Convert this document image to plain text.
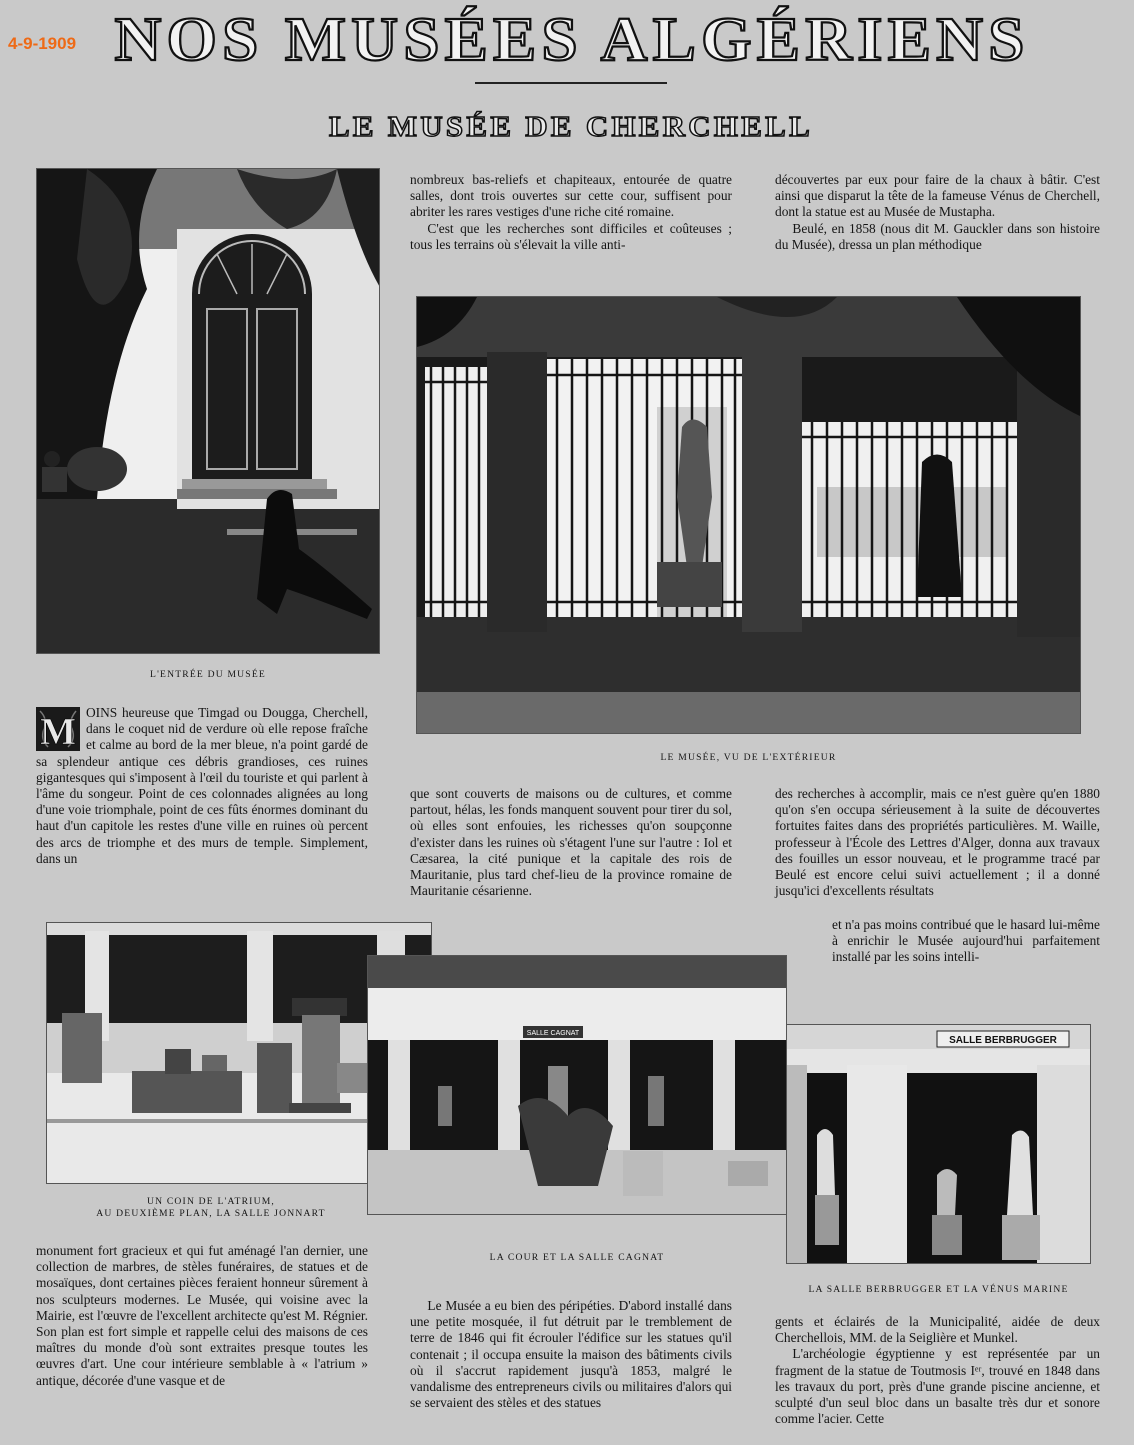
4-9-1909 NOS MUSÉES ALGÉRIENS
LE MUSÉE DE CHERCHELL
L'ENTRÉE DU MUSÉE

nombreux bas-reliefs et chapiteaux, entourée de quatre salles, dont trois ouvertes sur cette cour, suffisent pour abriter les rares vestiges d'une riche cité romaine.

C'est que les recherches sont difficiles et coûteuses ; tous les terrains où s'élevait la ville anti-

découvertes par eux pour faire de la chaux à bâtir. C'est ainsi que disparut la tête de la fameuse Vénus de Cherchell, dont la statue est au Musée de Mustapha.

Beulé, en 1858 (nous dit M. Gauckler dans son histoire du Musée), dressa un plan méthodique

LE MUSÉE, VU DE L'EXTÉRIEUR
M OINS heureuse que Timgad ou Dougga, Cherchell, dans le coquet nid de verdure où elle repose fraîche et calme au bord de la mer bleue, n'a point gardé de sa splendeur antique ces débris grandioses, ces ruines gigantesques qui s'imposent à l'œil du touriste et qui parlent à l'âme du songeur. Point de ces colonnades alignées au long d'une voie triomphale, point de ces fûts énormes dominant du haut d'un capitole les restes d'une ville en ruines où percent des arcs de triomphe et des murs de temple. Simplement, dans un

que sont couverts de maisons ou de cultures, et comme partout, hélas, les fonds manquent souvent pour tirer du sol, où elles sont enfouies, les richesses qu'on soupçonne d'exister dans les ruines où s'étagent l'une sur l'autre : Iol et Cæsarea, la cité punique et la capitale des rois de Mauritanie, plus tard chef-lieu de la province romaine de Mauritanie césarienne.

des recherches à accomplir, mais ce n'est guère qu'en 1880 qu'on s'en occupa sérieusement à la suite de découvertes fortuites faites dans des propriétés particulières. M. Waille, professeur à l'École des Lettres d'Alger, donna aux travaux des fouilles un essor nouveau, et le programme tracé par Beulé est encore celui suivi actuellement ; il a donné jusqu'ici d'excellents résultats

et n'a pas moins contribué que le hasard lui-même à enrichir le Musée aujourd'hui parfaitement installé par les soins intelli-

SALLE CAGNAT
SALLE BERBRUGGER
UN COIN DE L'ATRIUM,
AU DEUXIÈME PLAN, LA SALLE JONNART
LA COUR ET LA SALLE CAGNAT
LA SALLE BERBRUGGER ET LA VÉNUS MARINE

monument fort gracieux et qui fut aménagé l'an dernier, une collection de marbres, de stèles funéraires, de statues et de mosaïques, dont certaines pièces feraient honneur sûrement à nos sculpteurs modernes. Le Musée, qui voisine avec la Mairie, est l'œuvre de l'excellent architecte qu'est M. Régnier. Son plan est fort simple et rappelle celui des maisons de ces maîtres du monde d'où sont extraites presque toutes les œuvres d'art. Une cour intérieure semblable à « l'atrium » antique, décorée d'une vasque et de

Le Musée a eu bien des péripéties. D'abord installé dans une petite mosquée, il fut détruit par le tremblement de terre de 1846 qui fit écrouler l'édifice sur les statues qu'il contenait ; il occupa ensuite la maison des bâtiments civils où il s'accrut rapidement jusqu'à 1853, malgré le vandalisme des entrepreneurs civils ou militaires d'alors qui se servaient des stèles et des statues

gents et éclairés de la Municipalité, aidée de deux Cherchellois, MM. de la Seiglière et Munkel.

L'archéologie égyptienne y est représentée par un fragment de la statue de Toutmosis Iᵉʳ, trouvé en 1848 dans les travaux du port, près d'une grande piscine ancienne, et sculpté d'un seul bloc dans un basalte très dur et sonore comme l'acier. Cette
